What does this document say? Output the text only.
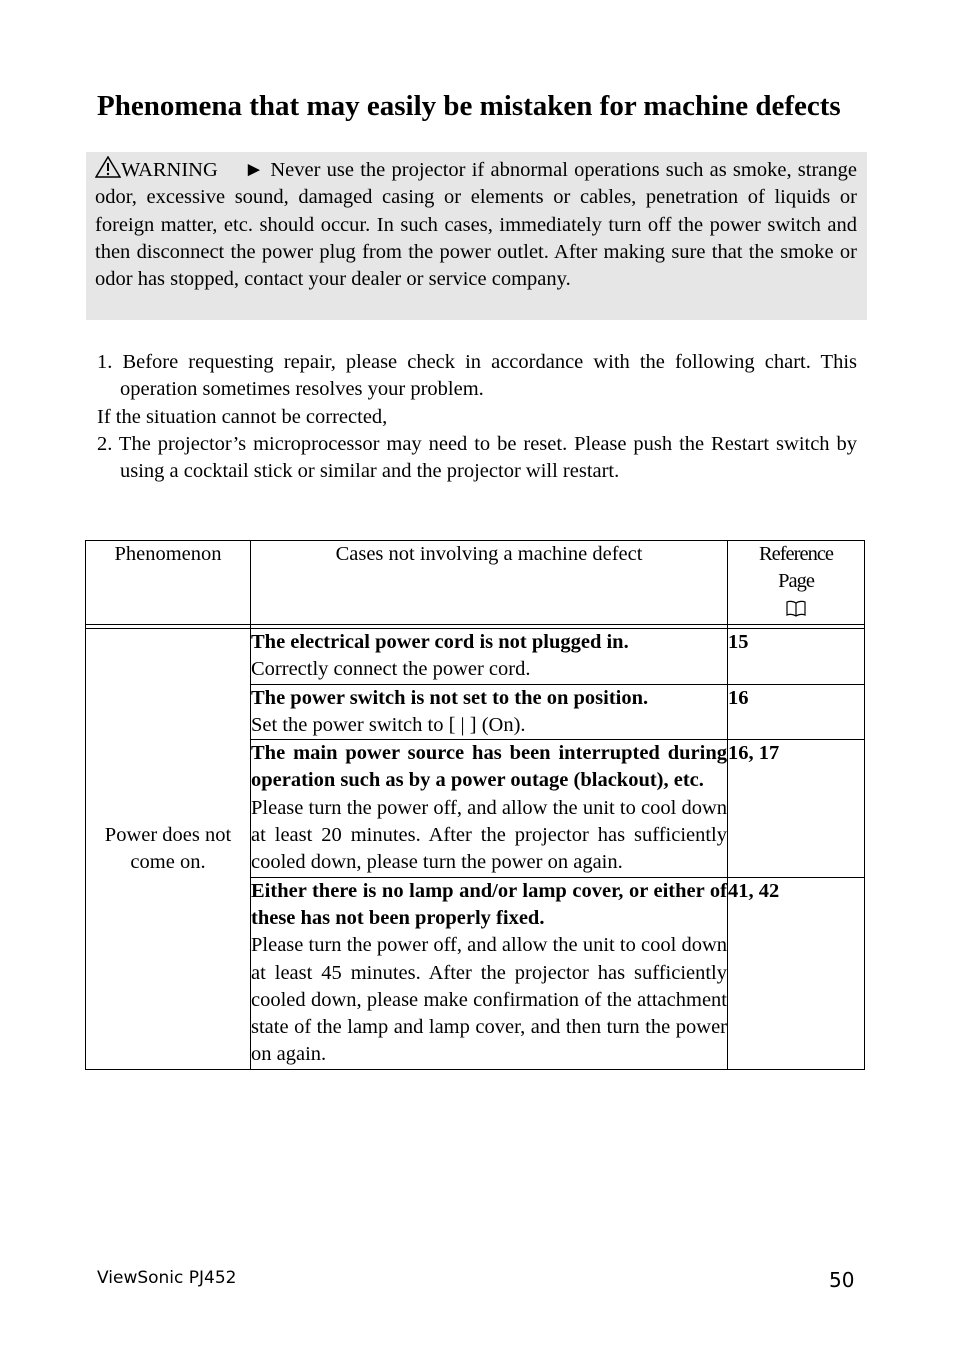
Phenomena that may easily be mistaken for machine defects

WARNING ► Never use the projector if abnormal operations such as smoke, strange odor, excessive sound, damaged casing or elements or cables, penetration of liquids or foreign matter, etc. should occur. In such cases, immediately turn off the power switch and then disconnect the power plug from the power outlet. After making sure that the smoke or odor has stopped, contact your dealer or service company.

1. Before requesting repair, please check in accordance with the following chart. This operation sometimes resolves your problem.

If the situation cannot be corrected,

2. The projector’s microprocessor may need to be reset. Please push the Restart switch by using a cocktail stick or similar and the projector will restart.

Phenomenon	Cases not involving a machine defect	Reference
Page

Power does not come on.	The electrical power cord is not plugged in.
Correctly connect the power cord.	15

	The power switch is not set to the on position.
Set the power switch to [ | ] (On).	16

	The main power source has been interrupted during operation such as by a power outage (blackout), etc.
Please turn the power off, and allow the unit to cool down at least 20 minutes. After the projector has sufficiently cooled down, please turn the power on again.	16, 17

	Either there is no lamp and/or lamp cover, or either of these has not been properly fixed.
Please turn the power off, and allow the unit to cool down at least 45 minutes. After the projector has sufficiently cooled down, please make confirmation of the attachment state of the lamp and lamp cover, and then turn the power on again.	41, 42
ViewSonic PJ452	50
